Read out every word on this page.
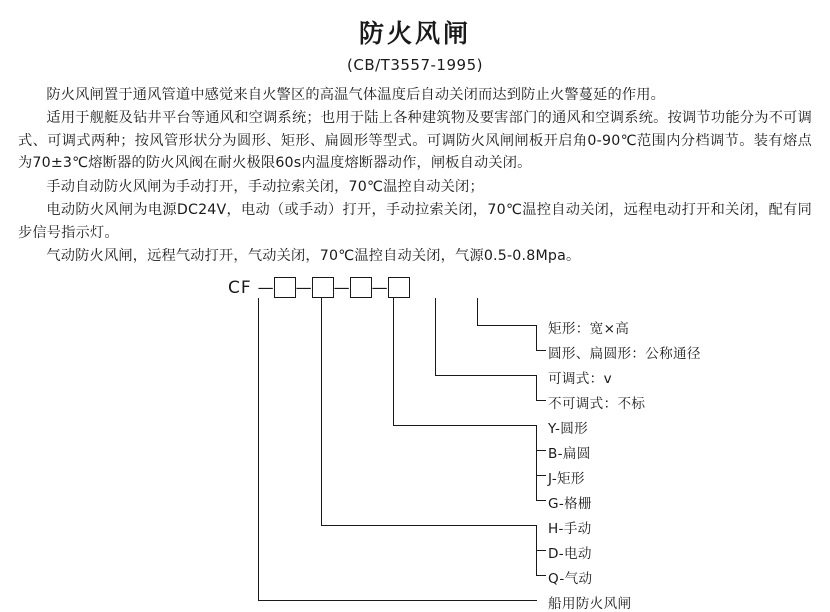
防火风闸
(CB/T3557-1995)

防火风闸置于通风管道中感觉来自火警区的高温气体温度后自动关闭而达到防止火警蔓延的作用。

适用于舰艇及钻井平台等通风和空调系统；也用于陆上各种建筑物及要害部门的通风和空调系统。按调节功能分为不可调式、可调式两种；按风管形状分为圆形、矩形、扁圆形等型式。可调防火风闸闸板开启角0-90℃范围内分档调节。装有熔点为70±3℃熔断器的防火风阀在耐火极限60s内温度熔断器动作，闸板自动关闭。

手动自动防火风闸为手动打开，手动拉索关闭，70℃温控自动关闭；

电动防火风闸为电源DC24V，电动（或手动）打开，手动拉索关闭，70℃温控自动关闭，远程电动打开和关闭，配有同步信号指示灯。

气动防火风闸，远程气动打开，气动关闭，70℃温控自动关闭，气源0.5-0.8Mpa。

CF — — — —
矩形：宽×高
圆形、扁圆形：公称通径
可调式：v
不可调式：不标
Y-圆形
B-扁圆
J-矩形
G-格栅
H-手动
D-电动
Q-气动
船用防火风闸
